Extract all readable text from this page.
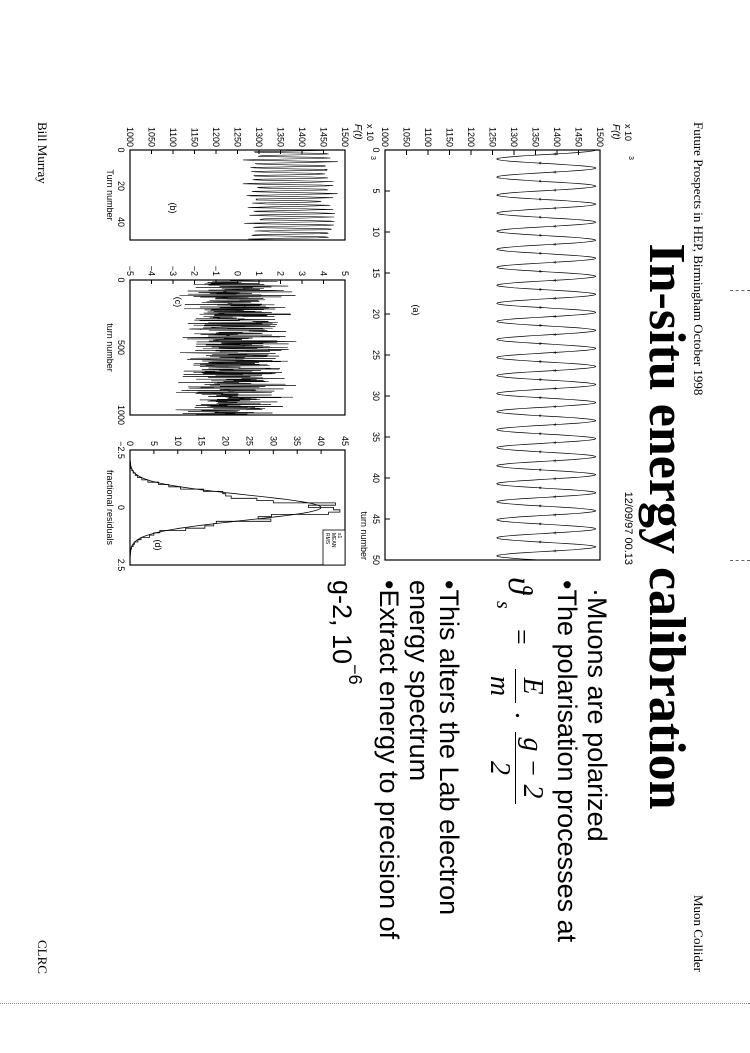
Future Prospects in HEP, Birmingham October 1998
Muon Collider
In-situ energy calibration
·Muons are polarized
•The polarisation processes at
ϑ
s
=
E
m
.
g − 2
2
•This alters the Lab electron
energy spectrum
•Extract energy to precision of
g-2, $10^{-6}$
12/09/97 00.13
F(t) x 10
3
1000 1050 1100 1150 1200 1250 1300 1350 1400 1450 1500
0
5
10
15
20
25
30
35
40
45
50
turn number
(a)
*
*
*
*
*
*
*
*
*
*
*
*
*
*
*
*
*
*
*
*
*
*
*
*
*
*
*
*
*
*
*
*
*
*
*
*
*
*
*
*
*
*
*
*
*
F(t) x 10
3
1000 1050 1100 1150 1200 1250 1300 1350 1400 1450 1500
0
20
40
Turn number	(b)
−5 −4 −3 −2 −1 0 1 2 3 4 5
0
500
1000
turn number
(c)
0 5 10 15 20 25 30 35 40 45
−2.5
0
2.5
fractional residuals	(d)
s1
MEAN
RMS
Bill Murray
CLRC
